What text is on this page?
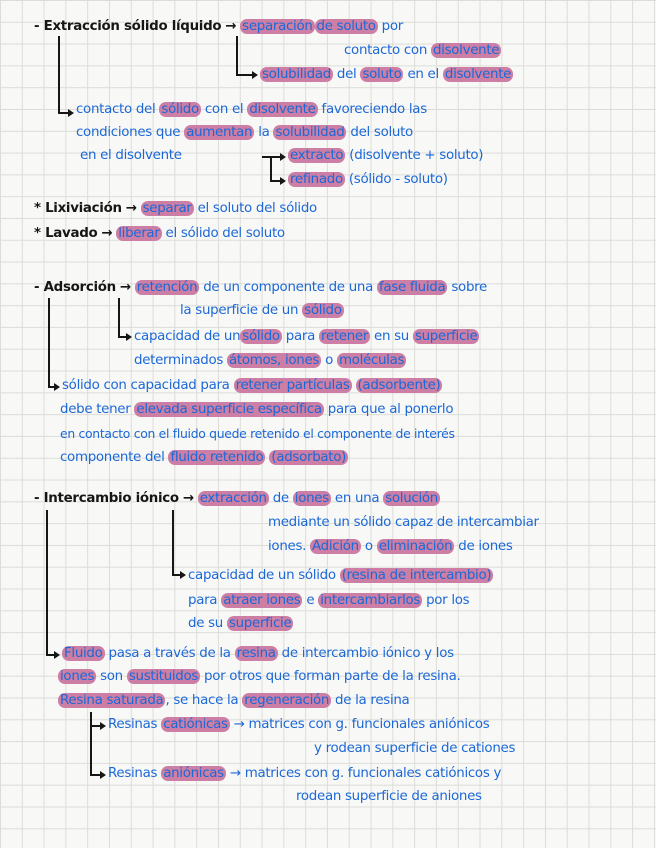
- Extracción sólido líquido → separación de soluto por
contacto con disolvente
solubilidad del soluto en el disolvente
contacto del sólido con el disolvente favoreciendo las
condiciones que aumentan la solubilidad del soluto
en el disolvente	extracto (disolvente + soluto)
refinado (sólido - soluto)
* Lixiviación → separar el soluto del sólido
* Lavado → liberar el sólido del soluto
- Adsorción → retención de un componente de una fase fluida sobre
la superficie de un sólido
capacidad de un sólido para retener en su superficie
determinados átomos, iones o moléculas
sólido con capacidad para retener partículas (adsorbente)
debe tener elevada superficie específica para que al ponerlo
en contacto con el fluido quede retenido el componente de interés
componente del fluido retenido (adsorbato)
- Intercambio iónico → extracción de iones en una solución
mediante un sólido capaz de intercambiar
iones. Adición o eliminación de iones
capacidad de un sólido (resina de intercambio)
para atraer iones e intercambiarlos por los
de su superficie
Fluido pasa a través de la resina de intercambio iónico y los
iones son sustituidos por otros que forman parte de la resina.
Resina saturada , se hace la regeneración de la resina
Resinas catiónicas → matrices con g. funcionales aniónicos
y rodean superficie de cationes
Resinas aniónicas → matrices con g. funcionales catiónicos y
rodean superficie de aniones
